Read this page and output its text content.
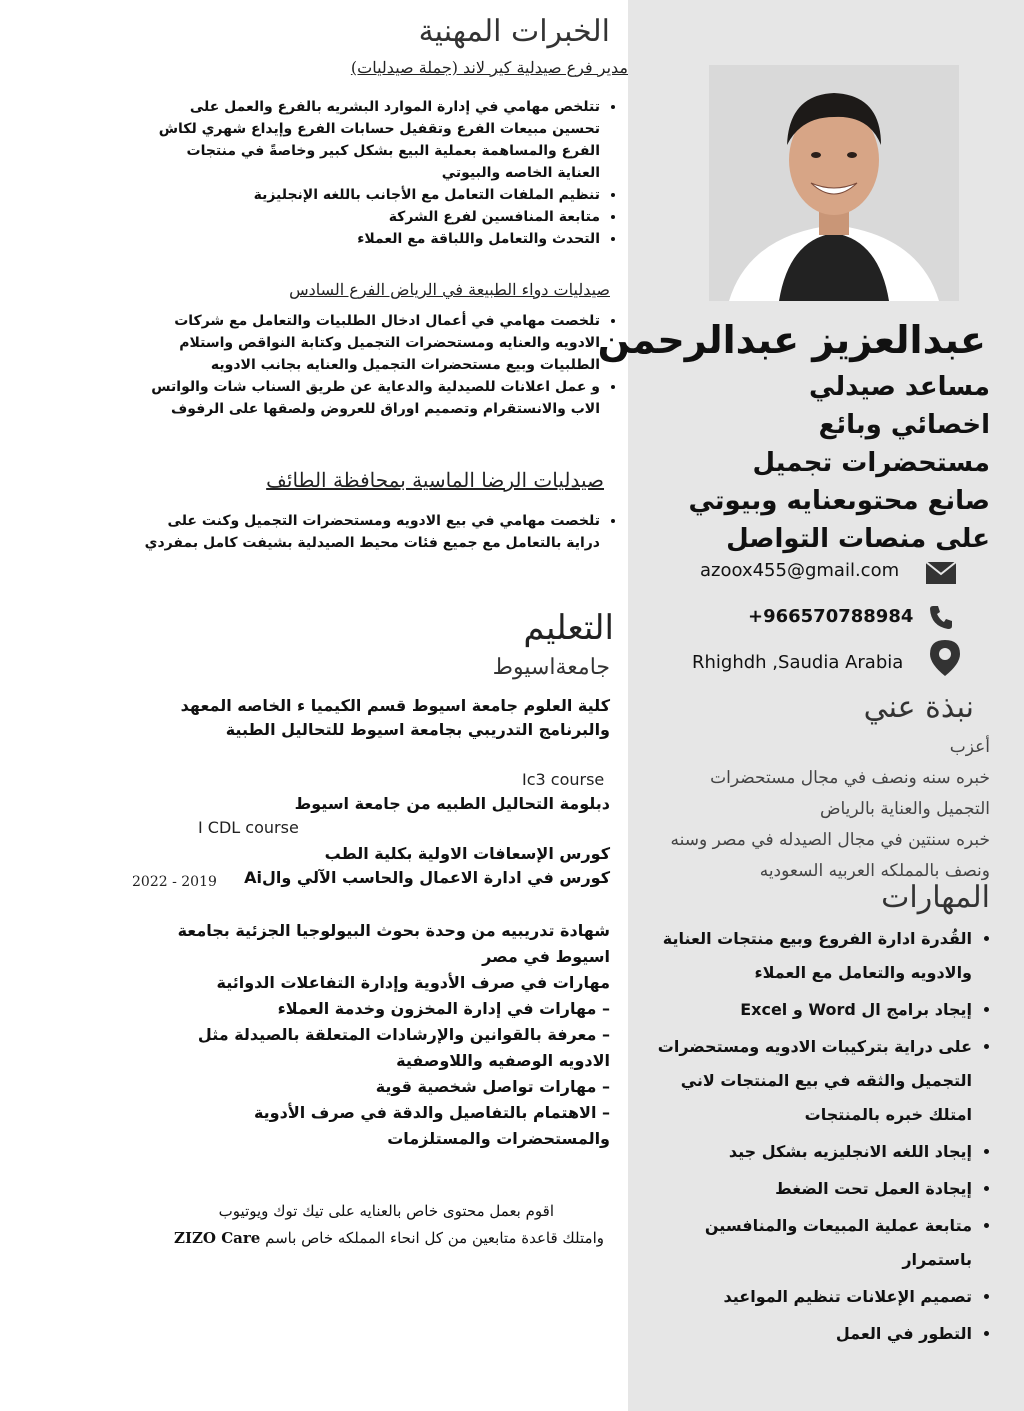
عبدالعزيز عبدالرحمن
مساعد صيدلي
اخصائي وبائع
مستحضرات تجميل
صانع محتوىعنايه وبيوتي
على منصات التواصل
azoox455@gmail.com
+966570788984
Rhighdh ,Saudia Arabia
نبذة عني
أعزب
خبره سنه ونصف في مجال مستحضرات
التجميل والعناية بالرياض
خبره سنتين في مجال الصيدله في مصر وسنه
ونصف بالمملكه العربيه السعوديه
المهارات
• القُدرة ادارة الفروع وبيع منتجات العناية والادويه والتعامل مع العملاء
• إيجاد برامج ال Word و Excel
• على دراية بتركيبات الادويه ومستحضرات التجميل والثقه في بيع المنتجات لاني امتلك خبره بالمنتجات
• إيجاد اللغه الانجليزيه بشكل جيد
• إيجادة العمل تحت الضغط
• متابعة عملية المبيعات والمنافسين باستمرار
• تصميم الإعلانات تنظيم المواعيد
• التطور في العمل
الخبرات المهنية
مدير فرع صيدلية كير لاند (جملة صيدليات)
• تتلخص مهامي في إدارة الموارد البشريه بالفرع والعمل على تحسين مبيعات الفرع وتقفيل حسابات الفرع وإيداع شهري لكاش الفرع والمساهمة بعملية البيع بشكل كبير وخاصةً في منتجات العناية الخاصه والبيوتي
• تنظيم الملفات التعامل مع الأجانب باللغه الإنجليزية
• متابعة المنافسين لفرع الشركة
• التحدث والتعامل واللباقة مع العملاء
صيدليات دواء الطبيعة في الرياض الفرع السادس
• تلخصت مهامي في أعمال ادخال الطلبيات والتعامل مع شركات الادويه والعنايه ومستحضرات التجميل وكتابة النواقص واستلام الطلبيات وبيع مستحضرات التجميل والعنايه بجانب الادويه
• و عمل اعلانات للصيدلية والدعاية عن طريق السناب شات والواتس الاب والانستقرام وتصميم اوراق للعروض ولصقها على الرفوف
صيدليات الرضا الماسية بمحافظة الطائف
• تلخصت مهامي في بيع الادويه ومستحضرات التجميل وكنت على دراية بالتعامل مع جميع فئات محيط الصيدلية بشيفت كامل بمفردي
التعليم
جامعةاسيوط
كلية العلوم جامعة اسيوط قسم الكيميا ء الخاصه المعهد والبرنامج التدريبي بجامعة اسيوط للتحاليل الطبية
Ic3 course
دبلومة التحاليل الطبيه من جامعة اسيوط
I CDL course
كورس الإسعافات الاولية بكلية الطب
كورس في ادارة الاعمال والحاسب الآلي والAi
2022 - 2019
شهادة تدريبيه من وحدة بحوث البيولوجيا الجزئية بجامعة اسيوط في مصر
مهارات في صرف الأدوية وإدارة التفاعلات الدوائية
– مهارات في إدارة المخزون وخدمة العملاء
– معرفة بالقوانين والإرشادات المتعلقة بالصيدلة مثل الادويه الوصفيه واللاوصفية
– مهارات تواصل شخصية قوية
– الاهتمام بالتفاصيل والدقة في صرف الأدوية والمستحضرات والمستلزمات
اقوم بعمل محتوى خاص بالعنايه على تيك توك ويوتيوب
وامتلك قاعدة متابعين من كل انحاء المملكه خاص باسم ZIZO Care
